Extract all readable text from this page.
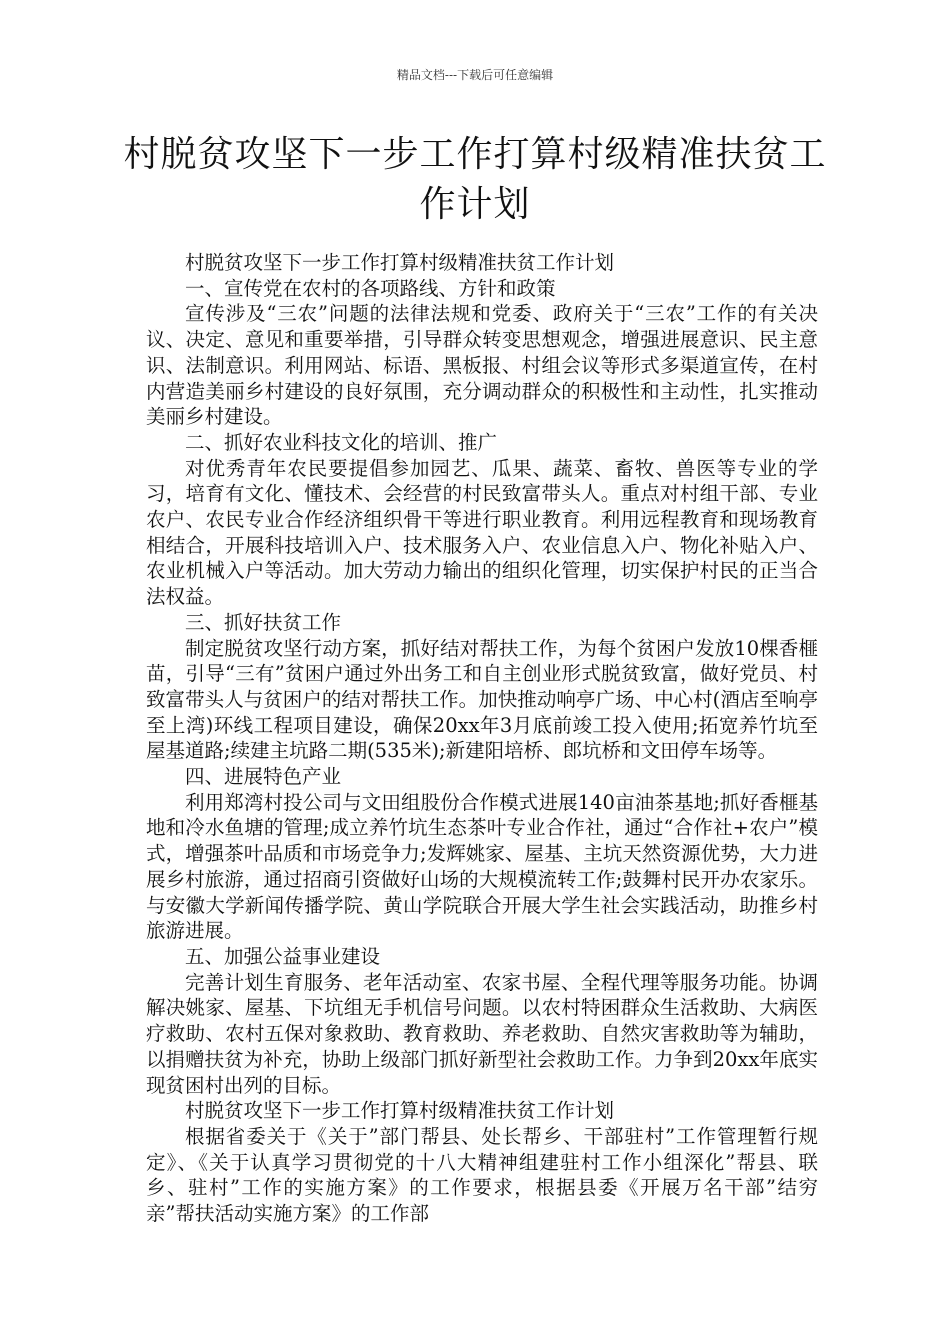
精品文档---下载后可任意编辑
村脱贫攻坚下一步工作打算村级精准扶贫工作计划

村脱贫攻坚下一步工作打算村级精准扶贫工作计划

一、宣传党在农村的各项路线、方针和政策

宣传涉及“三农”问题的法律法规和党委、政府关于“三农”工作的有关决议、决定、意见和重要举措，引导群众转变思想观念，增强进展意识、民主意识、法制意识。利用网站、标语、黑板报、村组会议等形式多渠道宣传，在村内营造美丽乡村建设的良好氛围，充分调动群众的积极性和主动性，扎实推动美丽乡村建设。

二、抓好农业科技文化的培训、推广

对优秀青年农民要提倡参加园艺、瓜果、蔬菜、畜牧、兽医等专业的学习，培育有文化、懂技术、会经营的村民致富带头人。重点对村组干部、专业农户、农民专业合作经济组织骨干等进行职业教育。利用远程教育和现场教育相结合，开展科技培训入户、技术服务入户、农业信息入户、物化补贴入户、农业机械入户等活动。加大劳动力输出的组织化管理，切实保护村民的正当合法权益。

三、抓好扶贫工作

制定脱贫攻坚行动方案，抓好结对帮扶工作，为每个贫困户发放10棵香榧苗，引导“三有”贫困户通过外出务工和自主创业形式脱贫致富，做好党员、村致富带头人与贫困户的结对帮扶工作。加快推动响亭广场、中心村(酒店至响亭至上湾)环线工程项目建设，确保20xx年3月底前竣工投入使用;拓宽养竹坑至屋基道路;续建主坑路二期(535米);新建阳培桥、郎坑桥和文田停车场等。

四、进展特色产业

利用郑湾村投公司与文田组股份合作模式进展140亩油茶基地;抓好香榧基地和冷水鱼塘的管理;成立养竹坑生态茶叶专业合作社，通过“合作社+农户”模式，增强茶叶品质和市场竞争力;发辉姚家、屋基、主坑天然资源优势，大力进展乡村旅游，通过招商引资做好山场的大规模流转工作;鼓舞村民开办农家乐。与安徽大学新闻传播学院、黄山学院联合开展大学生社会实践活动，助推乡村旅游进展。

五、加强公益事业建设

完善计划生育服务、老年活动室、农家书屋、全程代理等服务功能。协调解决姚家、屋基、下坑组无手机信号问题。以农村特困群众生活救助、大病医疗救助、农村五保对象救助、教育救助、养老救助、自然灾害救助等为辅助，以捐赠扶贫为补充，协助上级部门抓好新型社会救助工作。力争到20xx年底实现贫困村出列的目标。

村脱贫攻坚下一步工作打算村级精准扶贫工作计划

根据省委关于《关于”部门帮县、处长帮乡、干部驻村”工作管理暂行规定》、《关于认真学习贯彻党的十八大精神组建驻村工作小组深化”帮县、联乡、驻村”工作的实施方案》的工作要求，根据县委《开展万名干部”结穷亲”帮扶活动实施方案》的工作部
